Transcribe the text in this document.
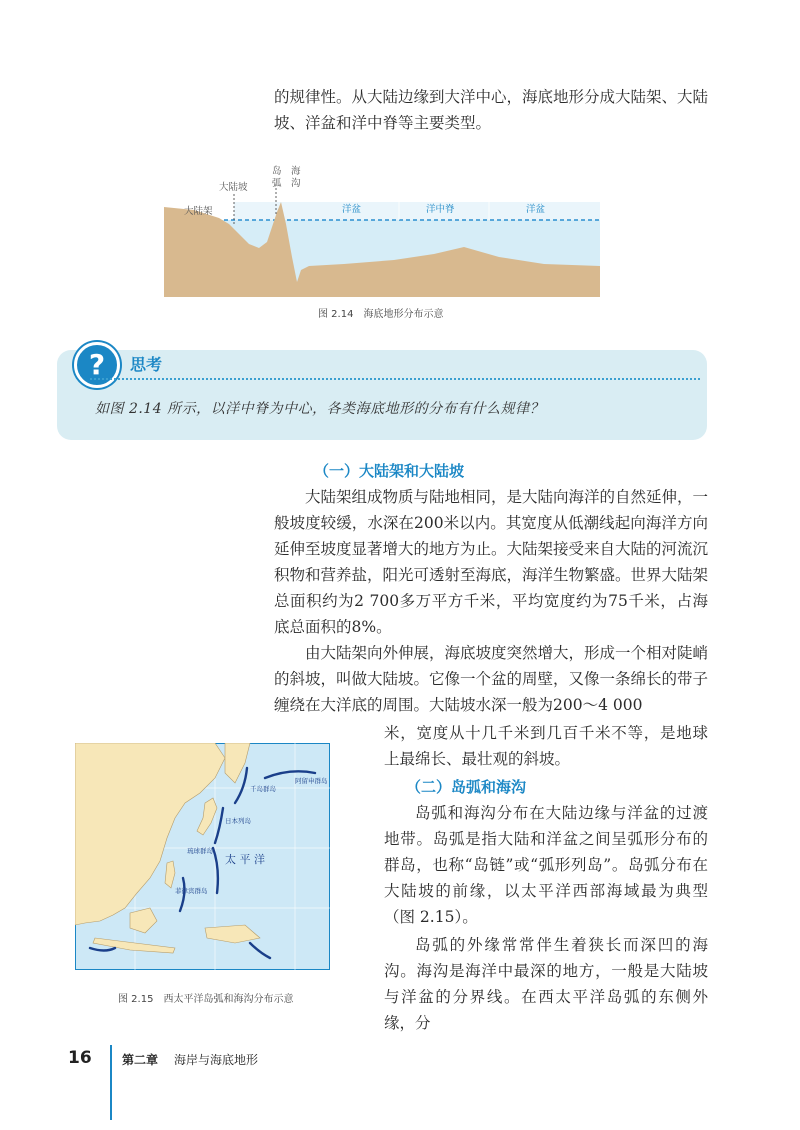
的规律性。从大陆边缘到大洋中心，海底地形分成大陆架、大陆坡、洋盆和洋中脊等主要类型。

大陆架
大陆坡
岛
弧
海
沟
洋盆	洋中脊	洋盆

图 2.14　海底地形分布示意

?	思考
如图 2.14 所示，以洋中脊为中心，各类海底地形的分布有什么规律？

（一）大陆架和大陆坡

大陆架组成物质与陆地相同，是大陆向海洋的自然延伸，一般坡度较缓，水深在200米以内。其宽度从低潮线起向海洋方向延伸至坡度显著增大的地方为止。大陆架接受来自大陆的河流沉积物和营养盐，阳光可透射至海底，海洋生物繁盛。世界大陆架总面积约为2 700多万平方千米，平均宽度约为75千米，占海底总面积的8%。

由大陆架向外伸展，海底坡度突然增大，形成一个相对陡峭的斜坡，叫做大陆坡。它像一个盆的周壁，又像一条绵长的带子缠绕在大洋底的周围。大陆坡水深一般为200～4 000

米，宽度从十几千米到几百千米不等，是地球上最绵长、最壮观的斜坡。

（二）岛弧和海沟

岛弧和海沟分布在大陆边缘与洋盆的过渡地带。岛弧是指大陆和洋盆之间呈弧形分布的群岛，也称“岛链”或“弧形列岛”。岛弧分布在大陆坡的前缘，以太平洋西部海域最为典型（图 2.15）。

岛弧的外缘常常伴生着狭长而深凹的海沟。海沟是海洋中最深的地方，一般是大陆坡与洋盆的分界线。在西太平洋岛弧的东侧外缘，分

阿留申群岛
千岛群岛
日本列岛
琉球群岛
菲律宾群岛
太 平 洋

图 2.15　西太平洋岛弧和海沟分布示意

16	第二章 海岸与海底地形
